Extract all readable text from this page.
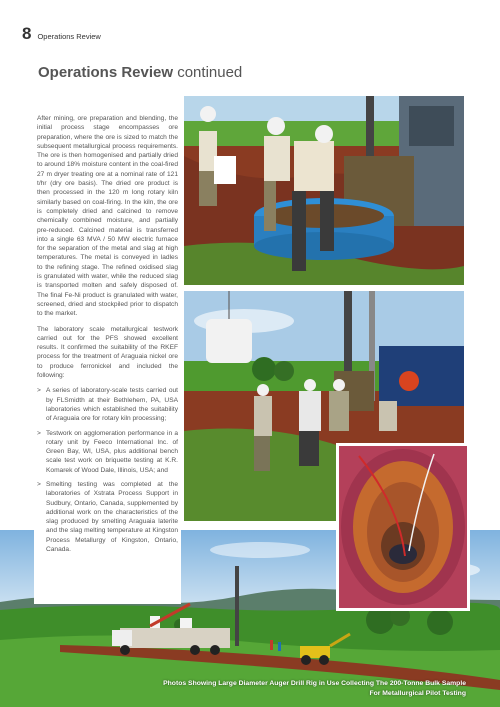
8 Operations Review
Operations Review continued

After mining, ore preparation and blending, the initial process stage encompasses ore preparation, where the ore is sized to match the subsequent metallurgical process requirements. The ore is then homogenised and partially dried to around 18% moisture content in the coal-fired 27 m dryer treating ore at a nominal rate of 121 t/hr (dry ore basis). The dried ore product is then processed in the 120 m long rotary kiln similarly based on coal-firing. In the kiln, the ore is completely dried and calcined to remove chemically combined moisture, and partially pre-reduced. Calcined material is transferred into a single 63 MVA / 50 MW electric furnace for the separation of the metal and slag at high temperatures. The metal is conveyed in ladles to the refining stage. The refined oxidised slag is granulated with water, while the reduced slag is transported molten and safely disposed of. The final Fe-Ni product is granulated with water, screened, dried and stockpiled prior to dispatch to the market.

The laboratory scale metallurgical testwork carried out for the PFS showed excellent results. It confirmed the suitability of the RKEF process for the treatment of Araguaia nickel ore to produce ferronickel and included the following:

> A series of laboratory-scale tests carried out by FLSmidth at their Bethlehem, PA, USA laboratories which established the suitability of Araguaia ore for rotary kiln processing;
> Testwork on agglomeration performance in a rotary unit by Feeco International Inc. of Green Bay, WI, USA, plus additional bench scale test work on briquette testing at K.R. Komarek of Wood Dale, Illinois, USA; and
> Smelting testing was completed at the laboratories of Xstrata Process Support in Sudbury, Ontario, Canada, supplemented by additional work on the characteristics of the slag produced by smelting Araguaia laterite and the slag melting temperature at Kingston Process Metallurgy of Kingston, Ontario, Canada.
Photos Showing Large Diameter Auger Drill Rig in Use Collecting The 200-Tonne Bulk Sample
For Metallurgical Pilot Testing
